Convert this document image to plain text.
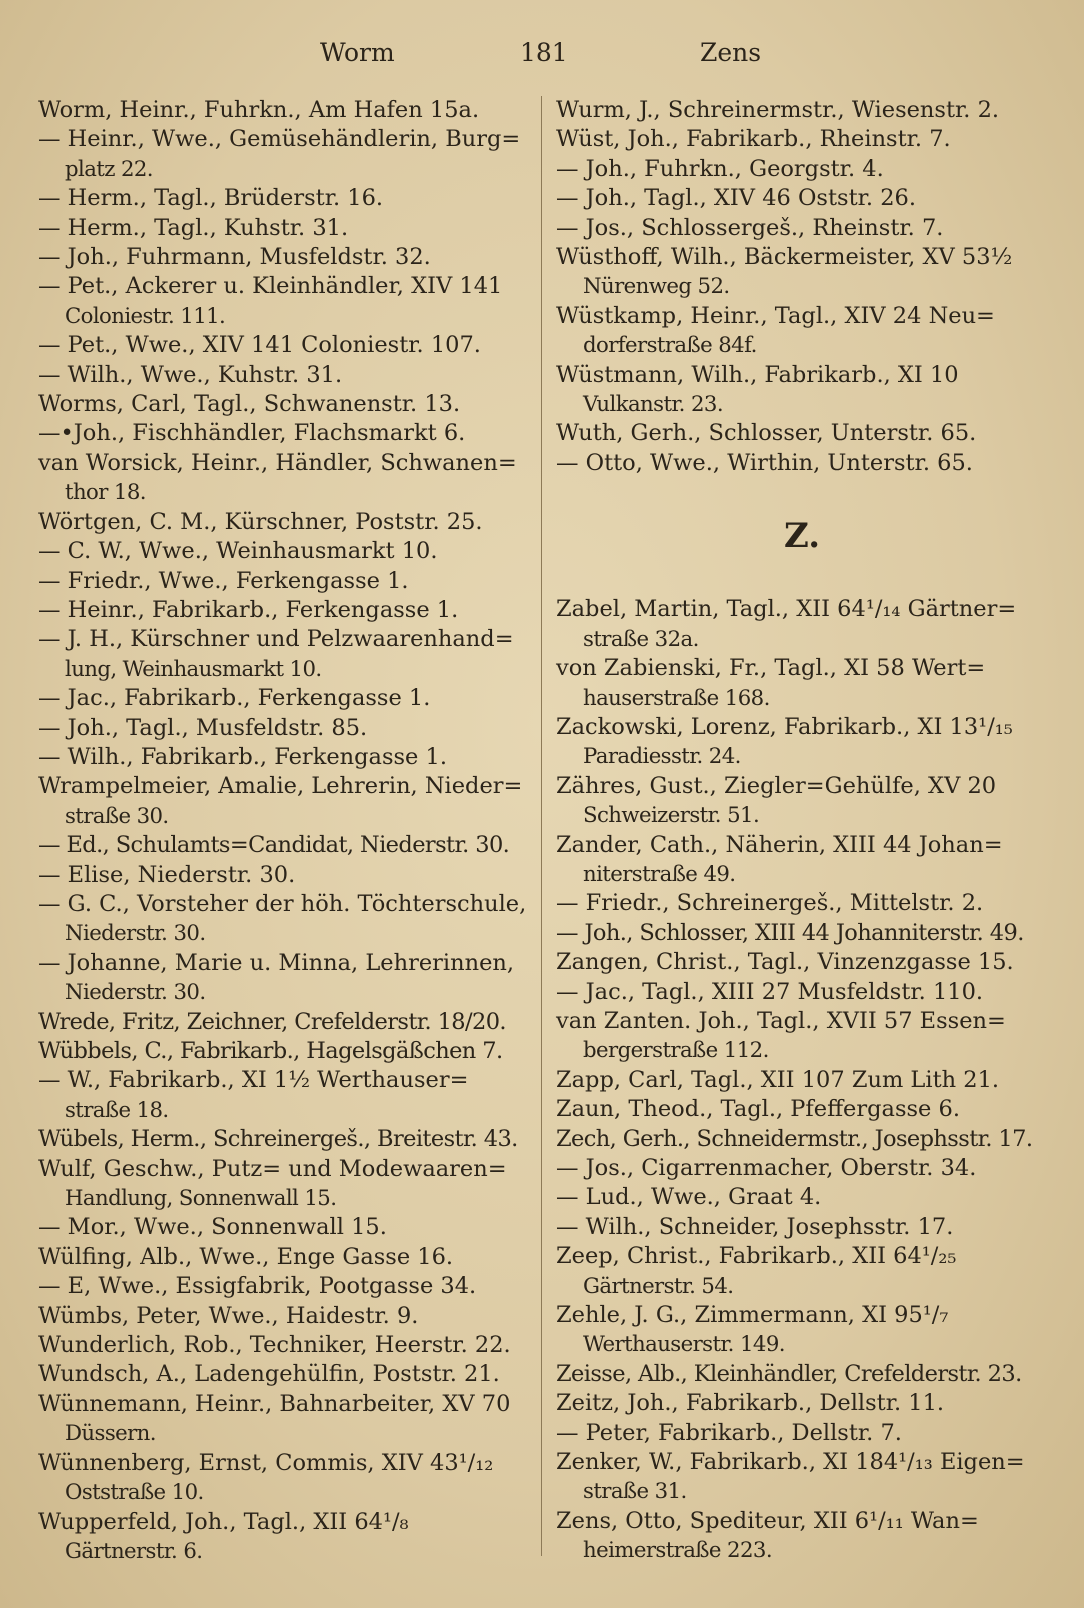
Worm	181	Zens
Worm, Heinr., Fuhrkn., Am Hafen 15a.
— Heinr., Wwe., Gemüsehändlerin, Burg=
platz 22.
— Herm., Tagl., Brüderstr. 16.
— Herm., Tagl., Kuhstr. 31.
— Joh., Fuhrmann, Musfeldstr. 32.
— Pet., Ackerer u. Kleinhändler, XIV 141
Coloniestr. 111.
— Pet., Wwe., XIV 141 Coloniestr. 107.
— Wilh., Wwe., Kuhstr. 31.
Worms, Carl, Tagl., Schwanenstr. 13.
—•Joh., Fischhändler, Flachsmarkt 6.
van Worsick, Heinr., Händler, Schwanen=
thor 18.
Wörtgen, C. M., Kürschner, Poststr. 25.
— C. W., Wwe., Weinhausmarkt 10.
— Friedr., Wwe., Ferkengasse 1.
— Heinr., Fabrikarb., Ferkengasse 1.
— J. H., Kürschner und Pelzwaarenhand=
lung, Weinhausmarkt 10.
— Jac., Fabrikarb., Ferkengasse 1.
— Joh., Tagl., Musfeldstr. 85.
— Wilh., Fabrikarb., Ferkengasse 1.
Wrampelmeier, Amalie, Lehrerin, Nieder=
straße 30.
— Ed., Schulamts=Candidat, Niederstr. 30.
— Elise, Niederstr. 30.
— G. C., Vorsteher der höh. Töchterschule,
Niederstr. 30.
— Johanne, Marie u. Minna, Lehrerinnen,
Niederstr. 30.
Wrede, Fritz, Zeichner, Crefelderstr. 18/20.
Wübbels, C., Fabrikarb., Hagelsgäßchen 7.
— W., Fabrikarb., XI 1½ Werthauser=
straße 18.
Wübels, Herm., Schreinergeš., Breitestr. 43.
Wulf, Geschw., Putz= und Modewaaren=
Handlung, Sonnenwall 15.
— Mor., Wwe., Sonnenwall 15.
Wülfing, Alb., Wwe., Enge Gasse 16.
— E, Wwe., Essigfabrik, Pootgasse 34.
Wümbs, Peter, Wwe., Haidestr. 9.
Wunderlich, Rob., Techniker, Heerstr. 22.
Wundsch, A., Ladengehülfin, Poststr. 21.
Wünnemann, Heinr., Bahnarbeiter, XV 70
Düssern.
Wünnenberg, Ernst, Commis, XIV 43¹/₁₂
Oststraße 10.
Wupperfeld, Joh., Tagl., XII 64¹/₈
Gärtnerstr. 6.
Wurm, J., Schreinermstr., Wiesenstr. 2.
Wüst, Joh., Fabrikarb., Rheinstr. 7.
— Joh., Fuhrkn., Georgstr. 4.
— Joh., Tagl., XIV 46 Oststr. 26.
— Jos., Schlossergeš., Rheinstr. 7.
Wüsthoff, Wilh., Bäckermeister, XV 53½
Nürenweg 52.
Wüstkamp, Heinr., Tagl., XIV 24 Neu=
dorferstraße 84f.
Wüstmann, Wilh., Fabrikarb., XI 10
Vulkanstr. 23.
Wuth, Gerh., Schlosser, Unterstr. 65.
— Otto, Wwe., Wirthin, Unterstr. 65.
Z.
Zabel, Martin, Tagl., XII 64¹/₁₄ Gärtner=
straße 32a.
von Zabienski, Fr., Tagl., XI 58 Wert=
hauserstraße 168.
Zackowski, Lorenz, Fabrikarb., XI 13¹/₁₅
Paradiesstr. 24.
Zähres, Gust., Ziegler=Gehülfe, XV 20
Schweizerstr. 51.
Zander, Cath., Näherin, XIII 44 Johan=
niterstraße 49.
— Friedr., Schreinergeš., Mittelstr. 2.
— Joh., Schlosser, XIII 44 Johanniterstr. 49.
Zangen, Christ., Tagl., Vinzenzgasse 15.
— Jac., Tagl., XIII 27 Musfeldstr. 110.
van Zanten. Joh., Tagl., XVII 57 Essen=
bergerstraße 112.
Zapp, Carl, Tagl., XII 107 Zum Lith 21.
Zaun, Theod., Tagl., Pfeffergasse 6.
Zech, Gerh., Schneidermstr., Josephsstr. 17.
— Jos., Cigarrenmacher, Oberstr. 34.
— Lud., Wwe., Graat 4.
— Wilh., Schneider, Josephsstr. 17.
Zeep, Christ., Fabrikarb., XII 64¹/₂₅
Gärtnerstr. 54.
Zehle, J. G., Zimmermann, XI 95¹/₇
Werthauserstr. 149.
Zeisse, Alb., Kleinhändler, Crefelderstr. 23.
Zeitz, Joh., Fabrikarb., Dellstr. 11.
— Peter, Fabrikarb., Dellstr. 7.
Zenker, W., Fabrikarb., XI 184¹/₁₃ Eigen=
straße 31.
Zens, Otto, Spediteur, XII 6¹/₁₁ Wan=
heimerstraße 223.
